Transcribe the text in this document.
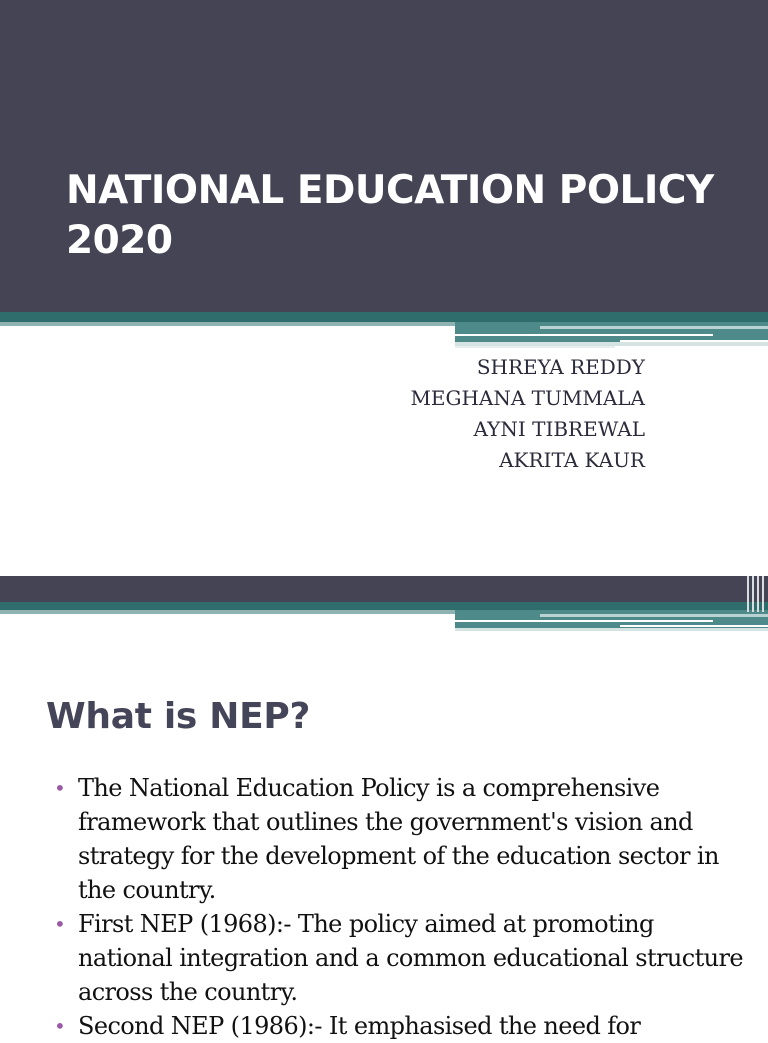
NATIONAL EDUCATION POLICY
2020
SHREYA REDDY
MEGHANA TUMMALA
AYNI TIBREWAL
AKRITA KAUR
What is NEP?
• The National Education Policy is a comprehensive framework that outlines the government's vision and strategy for the development of the education sector in the country.
• First NEP (1968):- The policy aimed at promoting national integration and a common educational structure across the country.
• Second NEP (1986):- It emphasised the need for
